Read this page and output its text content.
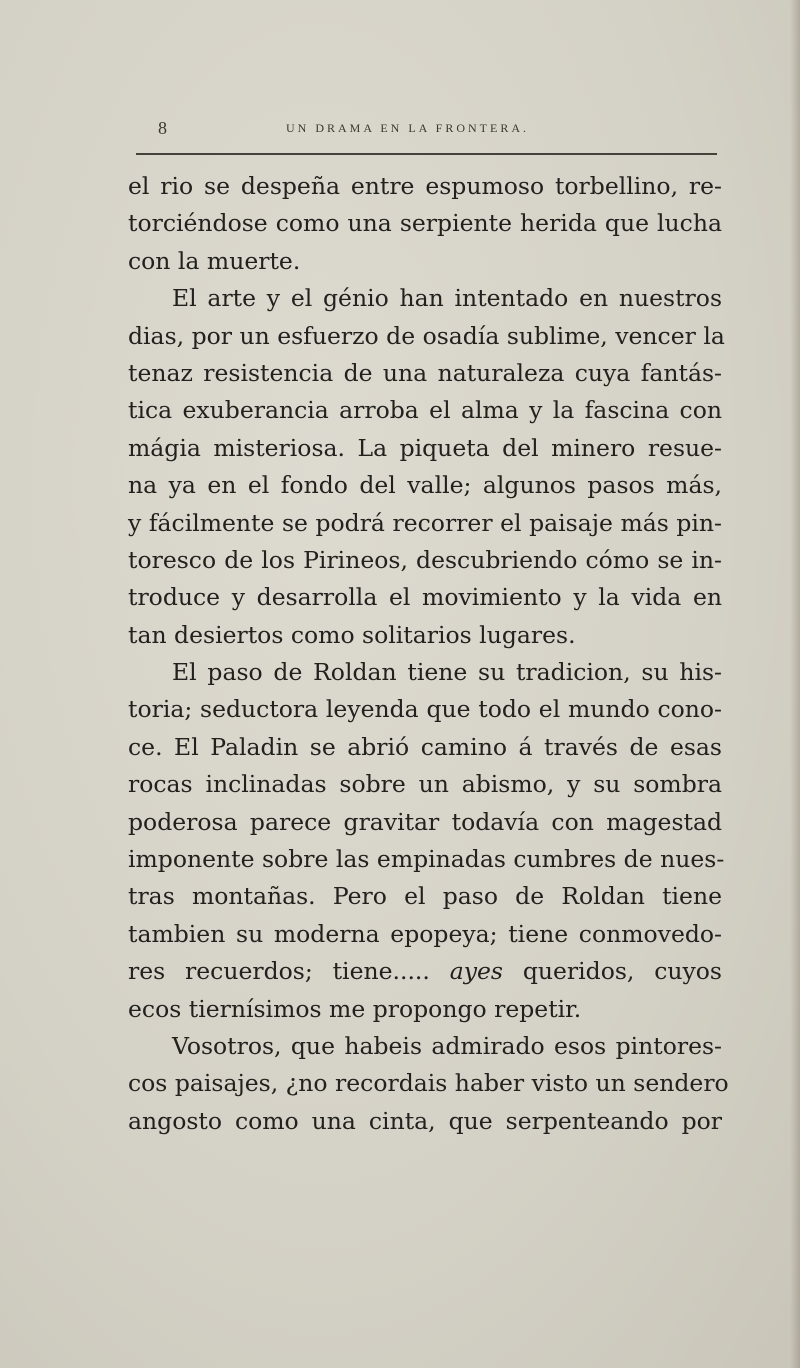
8	UN DRAMA EN LA FRONTERA.
el rio se despeña entre espumoso torbellino, re-
torciéndose como una serpiente herida que lucha
con la muerte.
El arte y el génio han intentado en nuestros
dias, por un esfuerzo de osadía sublime, vencer la
tenaz resistencia de una naturaleza cuya fantás-
tica exuberancia arroba el alma y la fascina con
mágia misteriosa. La piqueta del minero resue-
na ya en el fondo del valle; algunos pasos más,
y fácilmente se podrá recorrer el paisaje más pin-
toresco de los Pirineos, descubriendo cómo se in-
troduce y desarrolla el movimiento y la vida en
tan desiertos como solitarios lugares.
El paso de Roldan tiene su tradicion, su his-
toria; seductora leyenda que todo el mundo cono-
ce. El Paladin se abrió camino á través de esas
rocas inclinadas sobre un abismo, y su sombra
poderosa parece gravitar todavía con magestad
imponente sobre las empinadas cumbres de nues-
tras montañas. Pero el paso de Roldan tiene
tambien su moderna epopeya; tiene conmovedo-
res recuerdos; tiene..... ayes queridos, cuyos
ecos tiernísimos me propongo repetir.
Vosotros, que habeis admirado esos pintores-
cos paisajes, ¿no recordais haber visto un sendero
angosto como una cinta, que serpenteando por
